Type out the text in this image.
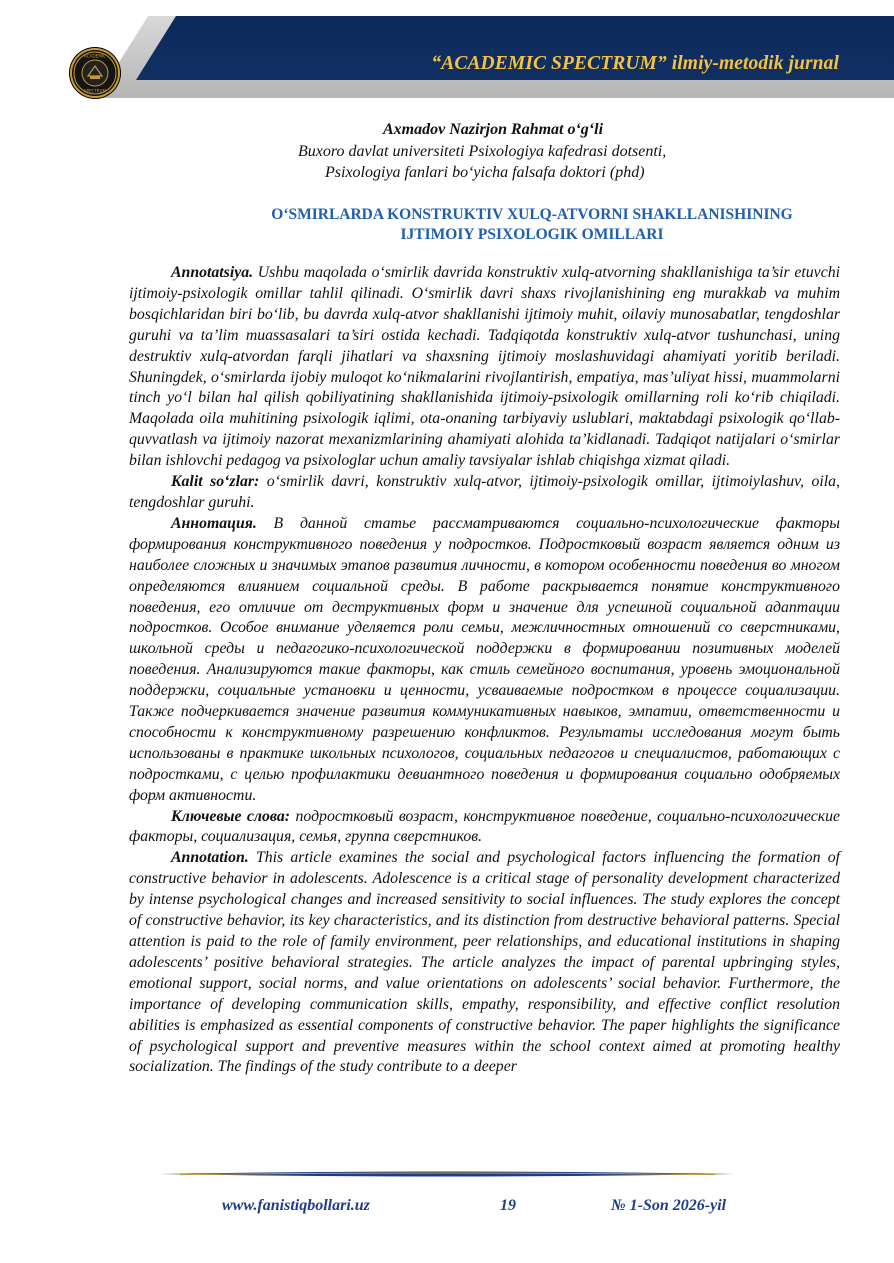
ACADEMIC
SPECTRUM
“ACADEMIC SPECTRUM” ilmiy-metodik jurnal
Axmadov Nazirjon Rahmat o‘g‘li
Buxoro davlat universiteti Psixologiya kafedrasi dotsenti,
Psixologiya fanlari bo‘yicha falsafa doktori (phd)
O‘SMIRLARDA KONSTRUKTIV XULQ-ATVORNI SHAKLLANISHINING
IJTIMOIY PSIXOLOGIK OMILLARI

Annotatsiya. Ushbu maqolada o‘smirlik davrida konstruktiv xulq-atvorning shakllanishiga ta’sir etuvchi ijtimoiy-psixologik omillar tahlil qilinadi. O‘smirlik davri shaxs rivojlanishining eng murakkab va muhim bosqichlaridan biri bo‘lib, bu davrda xulq-atvor shakllanishi ijtimoiy muhit, oilaviy munosabatlar, tengdoshlar guruhi va ta’lim muassasalari ta’siri ostida kechadi. Tadqiqotda konstruktiv xulq-atvor tushunchasi, uning destruktiv xulq-atvordan farqli jihatlari va shaxsning ijtimoiy moslashuvidagi ahamiyati yoritib beriladi. Shuningdek, o‘smirlarda ijobiy muloqot ko‘nikmalarini rivojlantirish, empatiya, mas’uliyat hissi, muammolarni tinch yo‘l bilan hal qilish qobiliyatining shakllanishida ijtimoiy-psixologik omillarning roli ko‘rib chiqiladi. Maqolada oila muhitining psixologik iqlimi, ota-onaning tarbiyaviy uslublari, maktabdagi psixologik qo‘llab-quvvatlash va ijtimoiy nazorat mexanizmlarining ahamiyati alohida ta’kidlanadi. Tadqiqot natijalari o‘smirlar bilan ishlovchi pedagog va psixologlar uchun amaliy tavsiyalar ishlab chiqishga xizmat qiladi.

Kalit so‘zlar: o‘smirlik davri, konstruktiv xulq-atvor, ijtimoiy-psixologik omillar, ijtimoiylashuv, oila, tengdoshlar guruhi.

Аннотация. В данной статье рассматриваются социально-психологические факторы формирования конструктивного поведения у подростков. Подростковый возраст является одним из наиболее сложных и значимых этапов развития личности, в котором особенности поведения во многом определяются влиянием социальной среды. В работе раскрывается понятие конструктивного поведения, его отличие от деструктивных форм и значение для успешной социальной адаптации подростков. Особое внимание уделяется роли семьи, межличностных отношений со сверстниками, школьной среды и педагогико-психологической поддержки в формировании позитивных моделей поведения. Анализируются такие факторы, как стиль семейного воспитания, уровень эмоциональной поддержки, социальные установки и ценности, усваиваемые подростком в процессе социализации. Также подчеркивается значение развития коммуникативных навыков, эмпатии, ответственности и способности к конструктивному разрешению конфликтов. Результаты исследования могут быть использованы в практике школьных психологов, социальных педагогов и специалистов, работающих с подростками, с целью профилактики девиантного поведения и формирования социально одобряемых форм активности.

Ключевые слова: подростковый возраст, конструктивное поведение, социально-психологические факторы, социализация, семья, группа сверстников.

Annotation. This article examines the social and psychological factors influencing the formation of constructive behavior in adolescents. Adolescence is a critical stage of personality development characterized by intense psychological changes and increased sensitivity to social influences. The study explores the concept of constructive behavior, its key characteristics, and its distinction from destructive behavioral patterns. Special attention is paid to the role of family environment, peer relationships, and educational institutions in shaping adolescents’ positive behavioral strategies. The article analyzes the impact of parental upbringing styles, emotional support, social norms, and value orientations on adolescents’ social behavior. Furthermore, the importance of developing communication skills, empathy, responsibility, and effective conflict resolution abilities is emphasized as essential components of constructive behavior. The paper highlights the significance of psychological support and preventive measures within the school context aimed at promoting healthy socialization. The findings of the study contribute to a deeper

www.fanistiqbollari.uz	19	№ 1-Son 2026-yil
